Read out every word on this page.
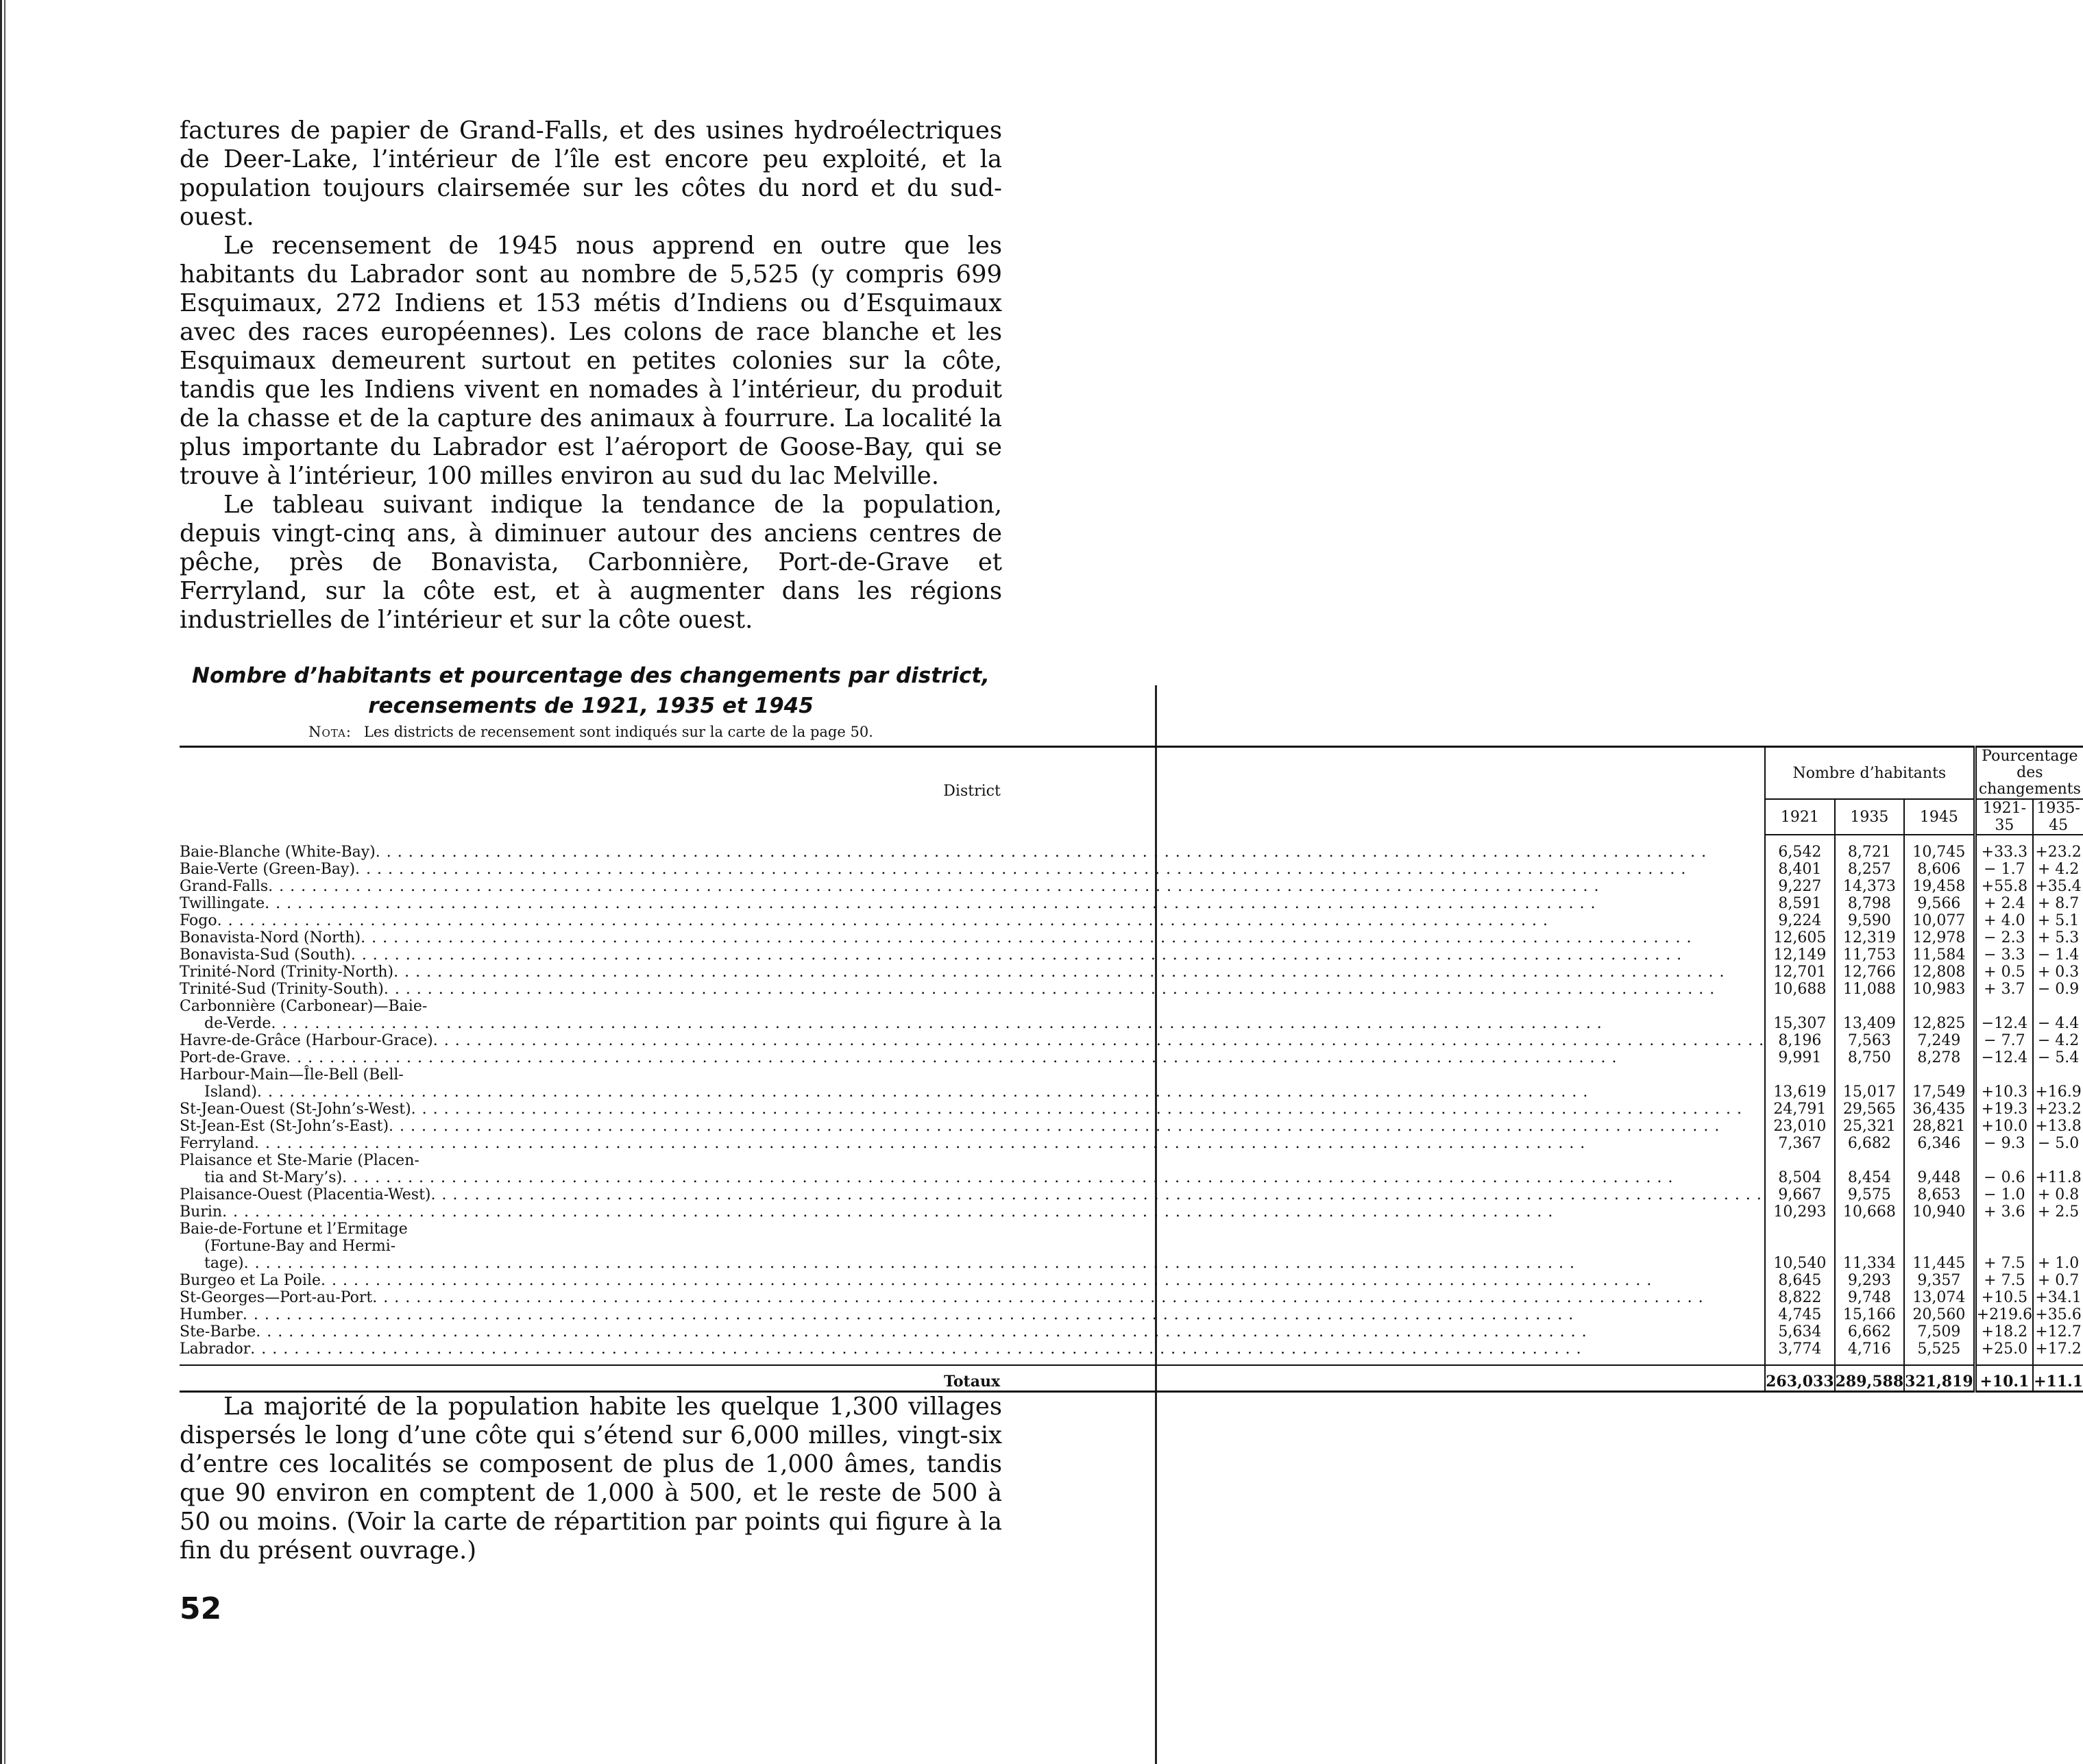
factures de papier de Grand-Falls, et des usines hydroélectriques de Deer-Lake, l’intérieur de l’île est encore peu exploité, et la population toujours clairsemée sur les côtes du nord et du sud-ouest.

Le recensement de 1945 nous apprend en outre que les habitants du Labrador sont au nombre de 5,525 (y compris 699 Esquimaux, 272 Indiens et 153 métis d’Indiens ou d’Esquimaux avec des races européennes). Les colons de race blanche et les Esquimaux demeurent surtout en petites colonies sur la côte, tandis que les Indiens vivent en nomades à l’intérieur, du produit de la chasse et de la capture des animaux à fourrure. La localité la plus importante du Labrador est l’aéroport de Goose-Bay, qui se trouve à l’intérieur, 100 milles environ au sud du lac Melville.

Le tableau suivant indique la tendance de la population, depuis vingt-cinq ans, à diminuer autour des anciens centres de pêche, près de Bonavista, Carbonnière, Port-de-Grave et Ferryland, sur la côte est, et à augmenter dans les régions industrielles de l’intérieur et sur la côte ouest.

Nombre d’habitants et pourcentage des changements par district,
recensements de 1921, 1935 et 1945
Nota: Les districts de recensement sont indiqués sur la carte de la page 50.
District	Nombre d’habitants			Pourcentage des changements	
	1921	1935	1945	1921-35	1935-45

Baie-Blanche (White-Bay)
. . .	6,542	8,721	10,745	+33.3	+23.2

Baie-Verte (Green-Bay)
. . .	8,401	8,257	8,606	− 1.7	+ 4.2

Grand-Falls
. . .	9,227	14,373	19,458	+55.8	+35.4

Twillingate
. . .	8,591	8,798	9,566	+ 2.4	+ 8.7

Fogo
. . .	9,224	9,590	10,077	+ 4.0	+ 5.1

Bonavista-Nord (North)
. . .	12,605	12,319	12,978	− 2.3	+ 5.3

Bonavista-Sud (South)
. . .	12,149	11,753	11,584	− 3.3	− 1.4

Trinité-Nord (Trinity-North)
. . .	12,701	12,766	12,808	+ 0.5	+ 0.3

Trinité-Sud (Trinity-South)
. . .	10,688	11,088	10,983	+ 3.7	− 0.9

Carbonnière (Carbonear)—Baie-
de-Verde
. . .	15,307	13,409	12,825	−12.4	− 4.4

Havre-de-Grâce (Harbour-Grace)
. . .	8,196	7,563	7,249	− 7.7	− 4.2

Port-de-Grave
. . .	9,991	8,750	8,278	−12.4	− 5.4

Harbour-Main—Île-Bell (Bell-
Island)
. . .	13,619	15,017	17,549	+10.3	+16.9

St-Jean-Ouest (St-John’s-West)
. . .	24,791	29,565	36,435	+19.3	+23.2

St-Jean-Est (St-John’s-East)
. . .	23,010	25,321	28,821	+10.0	+13.8

Ferryland
. . .	7,367	6,682	6,346	− 9.3	− 5.0

Plaisance et Ste-Marie (Placen-
tia and St-Mary’s)
. . .	8,504	8,454	9,448	− 0.6	+11.8

Plaisance-Ouest (Placentia-West)
. . .	9,667	9,575	8,653	− 1.0	+ 0.8

Burin
. . .	10,293	10,668	10,940	+ 3.6	+ 2.5

Baie-de-Fortune et l’Ermitage
(Fortune-Bay and Hermi-
tage)
. . .	10,540	11,334	11,445	+ 7.5	+ 1.0

Burgeo et La Poile
. . .	8,645	9,293	9,357	+ 7.5	+ 0.7

St-Georges—Port-au-Port
. . .	8,822	9,748	13,074	+10.5	+34.1

Humber
. . .	4,745	15,166	20,560	+219.6	+35.6

Ste-Barbe
. . .	5,634	6,662	7,509	+18.2	+12.7

Labrador
. . .	3,774	4,716	5,525	+25.0	+17.2

Totaux	263,033	289,588	321,819	+10.1	+11.1

La majorité de la population habite les quelque 1,300 villages dispersés le long d’une côte qui s’étend sur 6,000 milles, vingt-six d’entre ces localités se composent de plus de 1,000 âmes, tandis que 90 environ en comptent de 1,000 à 500, et le reste de 500 à 50 ou moins. (Voir la carte de répartition par points qui figure à la fin du présent ouvrage.)

52
